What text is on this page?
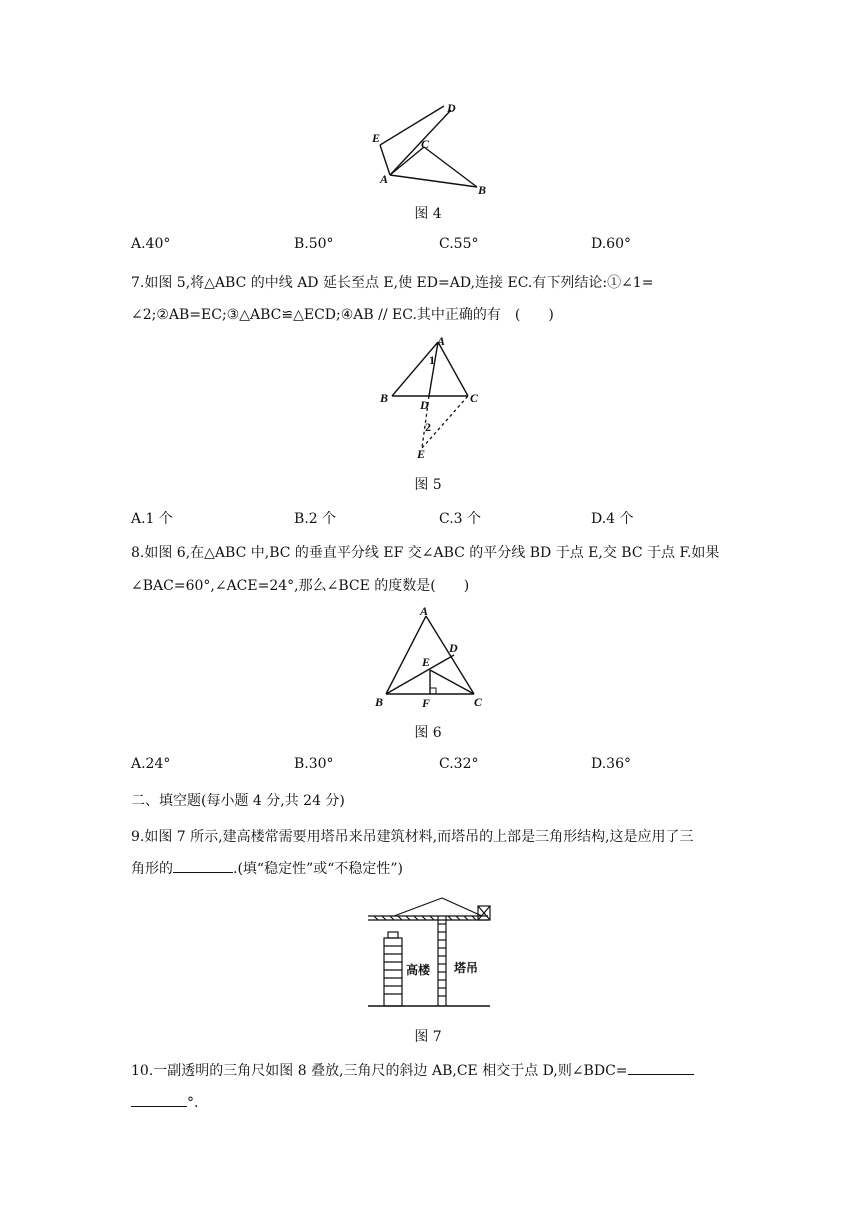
D
E	C
A
B
图 4
A.40°	B.50°	C.55°	D.60°
7.如图 5,将△ABC 的中线 AD 延长至点 E,使 ED=AD,连接 EC.有下列结论:①∠1=
∠2;②AB=EC;③△ABC≌△ECD;④AB // EC.其中正确的有　(　　)
A
B	C
D
E
1
2
图 5
A.1 个	B.2 个	C.3 个	D.4 个
8.如图 6,在△ABC 中,BC 的垂直平分线 EF 交∠ABC 的平分线 BD 于点 E,交 BC 于点 F.如果
∠BAC=60°,∠ACE=24°,那么∠BCE 的度数是(　　)
A
B	C
D
E
F
图 6
A.24°	B.30°	C.32°	D.36°
二、填空题(每小题 4 分,共 24 分)
9.如图 7 所示,建高楼常需要用塔吊来吊建筑材料,而塔吊的上部是三角形结构,这是应用了三
角形的	.(填“稳定性”或“不稳定性”)
高楼 塔吊
图 7
10.一副透明的三角尺如图 8 叠放,三角尺的斜边 AB,CE 相交于点 D,则∠BDC=
°.
